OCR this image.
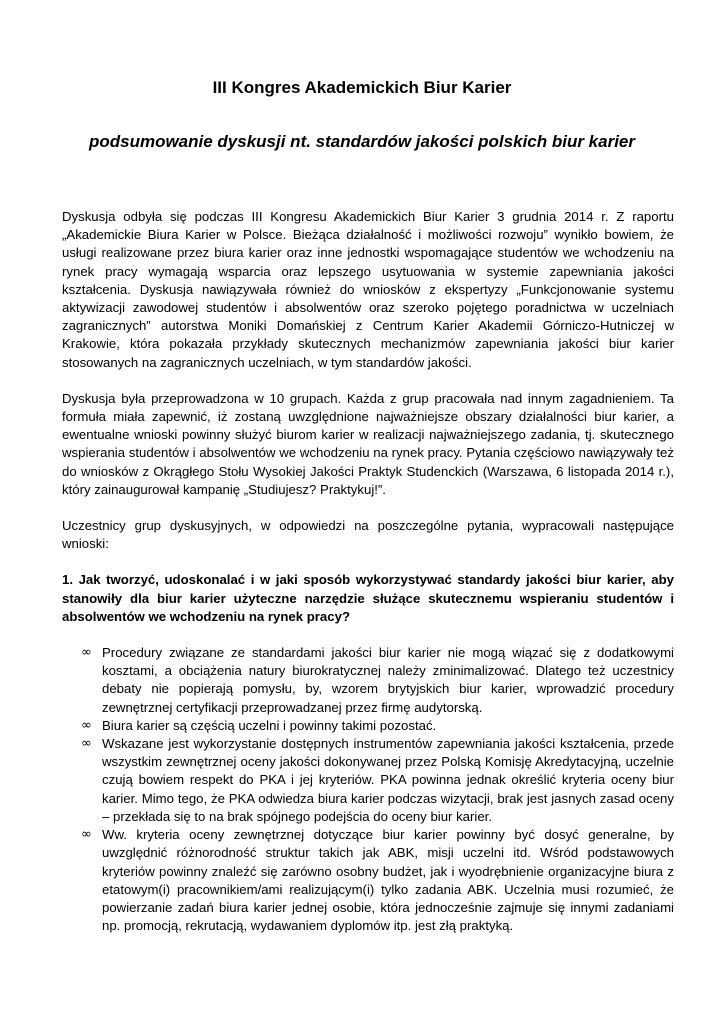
III Kongres Akademickich Biur Karier
podsumowanie dyskusji nt. standardów jakości polskich biur karier

Dyskusja odbyła się podczas III Kongresu Akademickich Biur Karier 3 grudnia 2014 r. Z raportu „Akademickie Biura Karier w Polsce. Bieżąca działalność i możliwości rozwoju” wynikło bowiem, że usługi realizowane przez biura karier oraz inne jednostki wspomagające studentów we wchodzeniu na rynek pracy wymagają wsparcia oraz lepszego usytuowania w systemie zapewniania jakości kształcenia. Dyskusja nawiązywała również do wniosków z ekspertyzy „Funkcjonowanie systemu aktywizacji zawodowej studentów i absolwentów oraz szeroko pojętego poradnictwa w uczelniach zagranicznych” autorstwa Moniki Domańskiej z Centrum Karier Akademii Górniczo-Hutniczej w Krakowie, która pokazała przykłady skutecznych mechanizmów zapewniania jakości biur karier stosowanych na zagranicznych uczelniach, w tym standardów jakości.

Dyskusja była przeprowadzona w 10 grupach. Każda z grup pracowała nad innym zagadnieniem. Ta formuła miała zapewnić, iż zostaną uwzględnione najważniejsze obszary działalności biur karier, a ewentualne wnioski powinny służyć biurom karier w realizacji najważniejszego zadania, tj. skutecznego wspierania studentów i absolwentów we wchodzeniu na rynek pracy. Pytania częściowo nawiązywały też do wniosków z Okrągłego Stołu Wysokiej Jakości Praktyk Studenckich (Warszawa, 6 listopada 2014 r.), który zainaugurował kampanię „Studiujesz? Praktykuj!”.

Uczestnicy grup dyskusyjnych, w odpowiedzi na poszczególne pytania, wypracowali następujące wnioski:

1. Jak tworzyć, udoskonalać i w jaki sposób wykorzystywać standardy jakości biur karier, aby stanowiły dla biur karier użyteczne narzędzie służące skutecznemu wspieraniu studentów i absolwentów we wchodzeniu na rynek pracy?

∞ Procedury związane ze standardami jakości biur karier nie mogą wiązać się z dodatkowymi kosztami, a obciążenia natury biurokratycznej należy zminimalizować. Dlatego też uczestnicy debaty nie popierają pomysłu, by, wzorem brytyjskich biur karier, wprowadzić procedury zewnętrznej certyfikacji przeprowadzanej przez firmę audytorską.
∞ Biura karier są częścią uczelni i powinny takimi pozostać.
∞ Wskazane jest wykorzystanie dostępnych instrumentów zapewniania jakości kształcenia, przede wszystkim zewnętrznej oceny jakości dokonywanej przez Polską Komisję Akredytacyjną, uczelnie czują bowiem respekt do PKA i jej kryteriów. PKA powinna jednak określić kryteria oceny biur karier. Mimo tego, że PKA odwiedza biura karier podczas wizytacji, brak jest jasnych zasad oceny – przekłada się to na brak spójnego podejścia do oceny biur karier.
∞ Ww. kryteria oceny zewnętrznej dotyczące biur karier powinny być dosyć generalne, by uwzględnić różnorodność struktur takich jak ABK, misji uczelni itd. Wśród podstawowych kryteriów powinny znaleźć się zarówno osobny budżet, jak i wyodrębnienie organizacyjne biura z etatowym(i) pracownikiem/ami realizującym(i) tylko zadania ABK. Uczelnia musi rozumieć, że powierzanie zadań biura karier jednej osobie, która jednocześnie zajmuje się innymi zadaniami np. promocją, rekrutacją, wydawaniem dyplomów itp. jest złą praktyką.
